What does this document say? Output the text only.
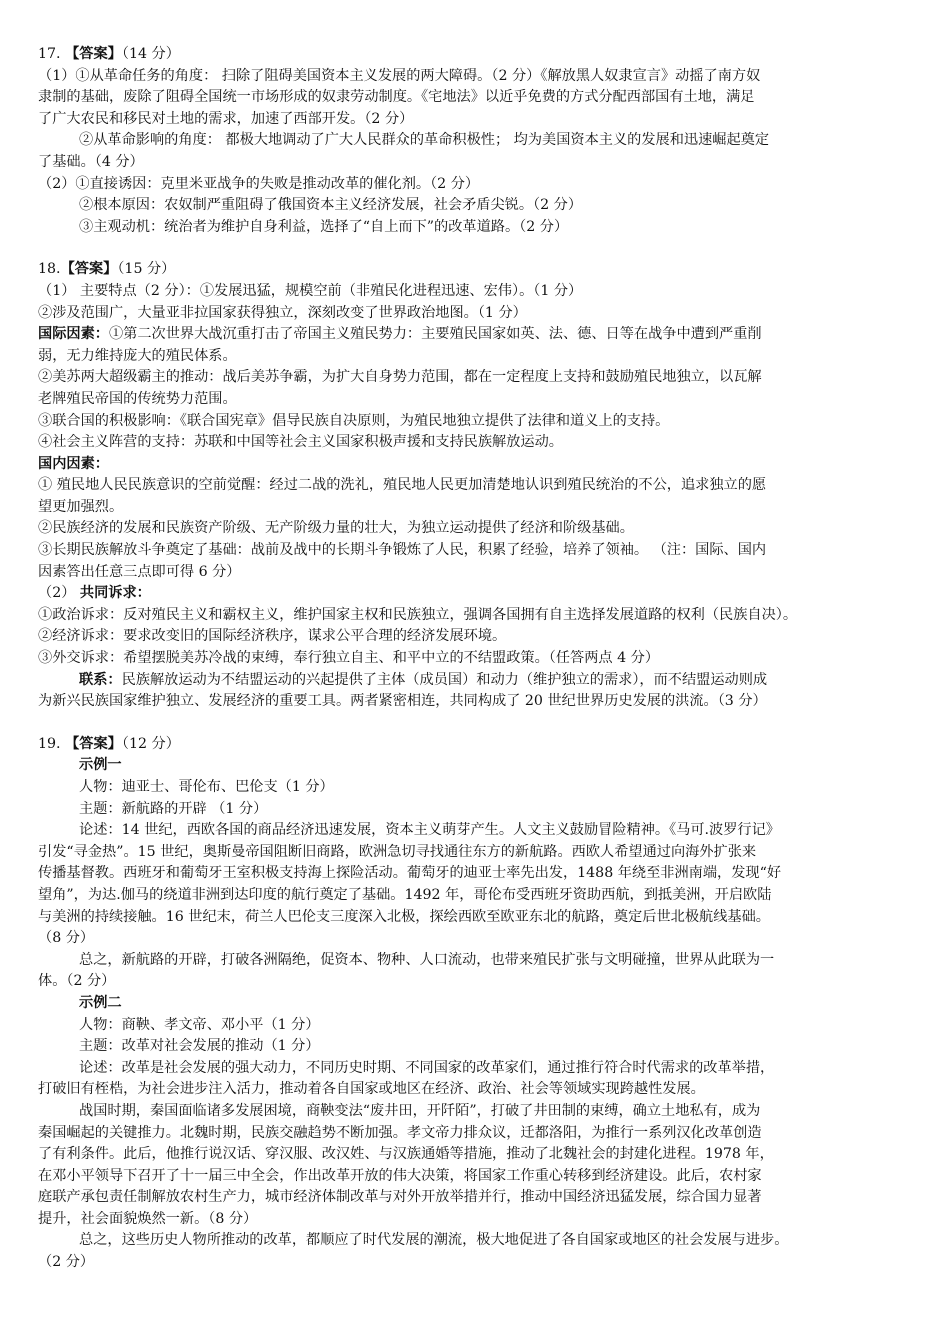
17. 【答案】（14 分）
（1）①从革命任务的角度： 扫除了阻碍美国资本主义发展的两大障碍。（2 分）《解放黑人奴隶宣言》动摇了南方奴
隶制的基础，废除了阻碍全国统一市场形成的奴隶劳动制度。《宅地法》以近乎免费的方式分配西部国有土地，满足
了广大农民和移民对土地的需求，加速了西部开发。（2 分）
②从革命影响的角度： 都极大地调动了广大人民群众的革命积极性； 均为美国资本主义的发展和迅速崛起奠定
了基础。（4 分）
（2）①直接诱因：克里米亚战争的失败是推动改革的催化剂。（2 分）
②根本原因：农奴制严重阻碍了俄国资本主义经济发展，社会矛盾尖锐。（2 分）
③主观动机：统治者为维护自身利益，选择了“自上而下”的改革道路。（2 分）
18.【答案】（15 分）
（1） 主要特点（2 分）：①发展迅猛，规模空前（非殖民化进程迅速、宏伟）。（1 分）
②涉及范围广，大量亚非拉国家获得独立，深刻改变了世界政治地图。（1 分）
国际因素：①第二次世界大战沉重打击了帝国主义殖民势力：主要殖民国家如英、法、德、日等在战争中遭到严重削
弱，无力维持庞大的殖民体系。
②美苏两大超级霸主的推动：战后美苏争霸，为扩大自身势力范围，都在一定程度上支持和鼓励殖民地独立，以瓦解
老牌殖民帝国的传统势力范围。
③联合国的积极影响：《联合国宪章》倡导民族自决原则，为殖民地独立提供了法律和道义上的支持。
④社会主义阵营的支持：苏联和中国等社会主义国家积极声援和支持民族解放运动。
国内因素：
① 殖民地人民民族意识的空前觉醒：经过二战的洗礼，殖民地人民更加清楚地认识到殖民统治的不公，追求独立的愿
望更加强烈。
②民族经济的发展和民族资产阶级、无产阶级力量的壮大，为独立运动提供了经济和阶级基础。
③长期民族解放斗争奠定了基础：战前及战中的长期斗争锻炼了人民，积累了经验，培养了领袖。 （注：国际、国内
因素答出任意三点即可得 6 分）
（2） 共同诉求：
①政治诉求：反对殖民主义和霸权主义，维护国家主权和民族独立，强调各国拥有自主选择发展道路的权利（民族自决）。
②经济诉求：要求改变旧的国际经济秩序，谋求公平合理的经济发展环境。
③外交诉求：希望摆脱美苏冷战的束缚，奉行独立自主、和平中立的不结盟政策。（任答两点 4 分）
联系：民族解放运动为不结盟运动的兴起提供了主体（成员国）和动力（维护独立的需求），而不结盟运动则成
为新兴民族国家维护独立、发展经济的重要工具。两者紧密相连，共同构成了 20 世纪世界历史发展的洪流。（3 分）
19. 【答案】（12 分）
示例一
人物：迪亚士、哥伦布、巴伦支（1 分）
主题：新航路的开辟 （1 分）
论述：14 世纪，西欧各国的商品经济迅速发展，资本主义萌芽产生。人文主义鼓励冒险精神。《马可.波罗行记》
引发“寻金热”。15 世纪，奥斯曼帝国阻断旧商路，欧洲急切寻找通往东方的新航路。西欧人希望通过向海外扩张来
传播基督教。西班牙和葡萄牙王室积极支持海上探险活动。葡萄牙的迪亚士率先出发，1488 年绕至非洲南端，发现“好
望角”，为达.伽马的绕道非洲到达印度的航行奠定了基础。1492 年，哥伦布受西班牙资助西航，到抵美洲，开启欧陆
与美洲的持续接触。16 世纪末，荷兰人巴伦支三度深入北极，探绘西欧至欧亚东北的航路，奠定后世北极航线基础。
（8 分）
总之，新航路的开辟，打破各洲隔绝，促资本、物种、人口流动，也带来殖民扩张与文明碰撞，世界从此联为一
体。（2 分）
示例二
人物：商鞅、孝文帝、邓小平（1 分）
主题：改革对社会发展的推动（1 分）
论述：改革是社会发展的强大动力，不同历史时期、不同国家的改革家们，通过推行符合时代需求的改革举措，
打破旧有桎梏，为社会进步注入活力，推动着各自国家或地区在经济、政治、社会等领域实现跨越性发展。
战国时期，秦国面临诸多发展困境，商鞅变法“废井田，开阡陌”，打破了井田制的束缚，确立土地私有，成为
秦国崛起的关键推力。北魏时期，民族交融趋势不断加强。孝文帝力排众议，迁都洛阳，为推行一系列汉化改革创造
了有利条件。此后，他推行说汉话、穿汉服、改汉姓、与汉族通婚等措施，推动了北魏社会的封建化进程。1978 年，
在邓小平领导下召开了十一届三中全会，作出改革开放的伟大决策，将国家工作重心转移到经济建设。此后，农村家
庭联产承包责任制解放农村生产力，城市经济体制改革与对外开放举措并行，推动中国经济迅猛发展，综合国力显著
提升，社会面貌焕然一新。（8 分）
总之，这些历史人物所推动的改革，都顺应了时代发展的潮流，极大地促进了各自国家或地区的社会发展与进步。
（2 分）
